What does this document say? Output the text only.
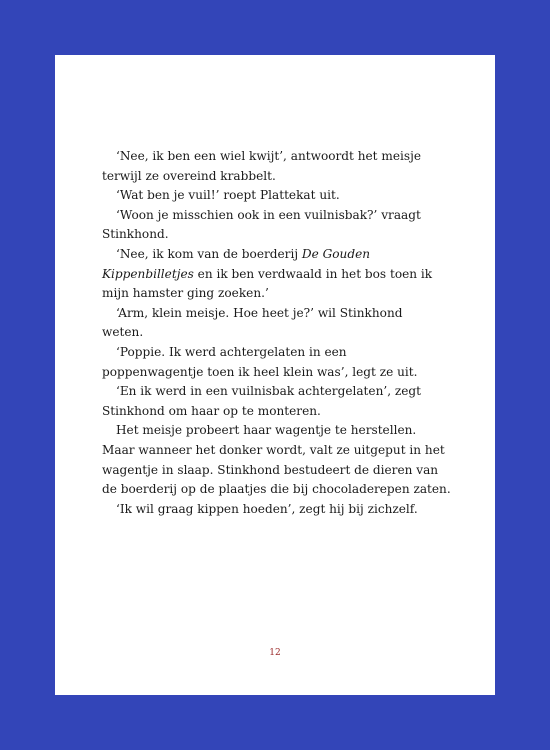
‘Nee, ik ben een wiel kwijt’, antwoordt het meisje
terwijl ze overeind krabbelt.
‘Wat ben je vuil!’ roept Plattekat uit.
‘Woon je misschien ook in een vuilnisbak?’ vraagt
Stinkhond.
‘Nee, ik kom van de boerderij De Gouden
Kippenbilletjes en ik ben verdwaald in het bos toen ik
mijn hamster ging zoeken.’
‘Arm, klein meisje. Hoe heet je?’ wil Stinkhond
weten.
‘Poppie. Ik werd achtergelaten in een
poppenwagentje toen ik heel klein was’, legt ze uit.
‘En ik werd in een vuilnisbak achtergelaten’, zegt
Stinkhond om haar op te monteren.
Het meisje probeert haar wagentje te herstellen.
Maar wanneer het donker wordt, valt ze uitgeput in het
wagentje in slaap. Stinkhond bestudeert de dieren van
de boerderij op de plaatjes die bij chocoladerepen zaten.
‘Ik wil graag kippen hoeden’, zegt hij bij zichzelf.
12
